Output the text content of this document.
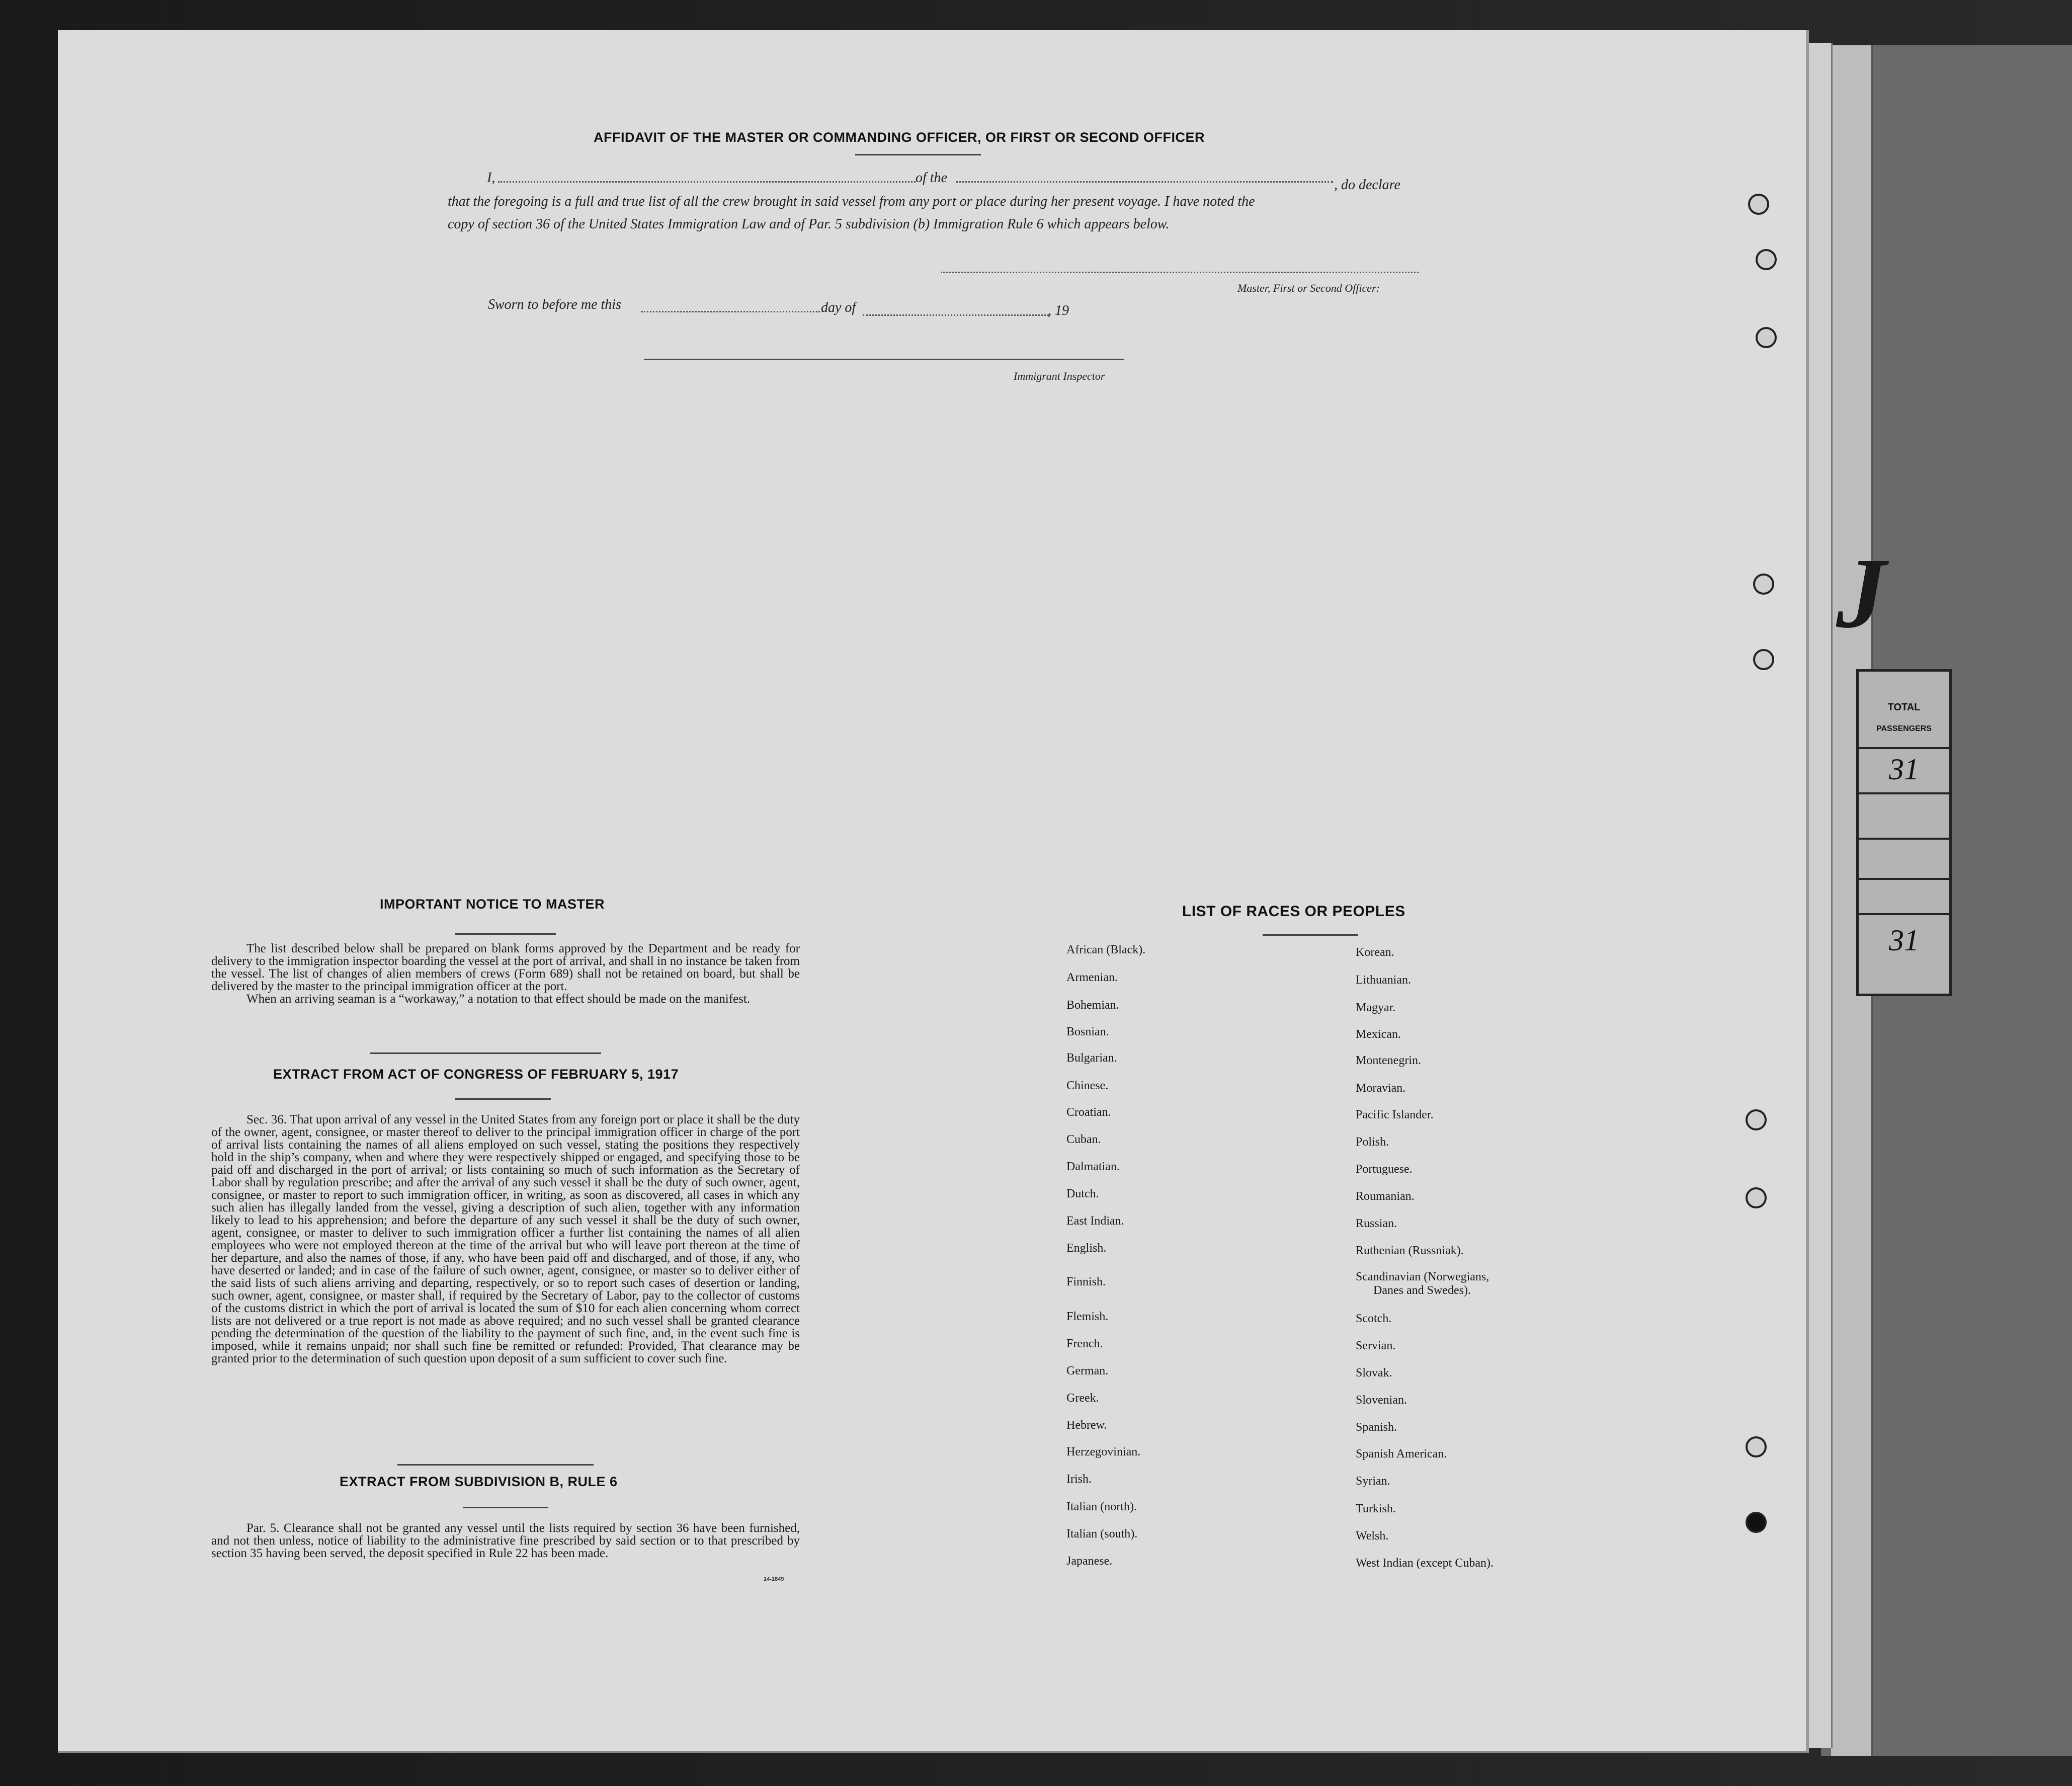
J
TOTAL
PASSENGERS
31
31
AFFIDAVIT OF THE MASTER OR COMMANDING OFFICER, OR FIRST OR SECOND OFFICER
I,	of the	, do declare
that the foregoing is a full and true list of all the crew brought in said vessel from any port or place during her present voyage. I have noted the
copy of section 36 of the United States Immigration Law and of Par. 5 subdivision (b) Immigration Rule 6 which appears below.
Master, First or Second Officer:
Sworn to before me this	day of	, 19
Immigrant Inspector
IMPORTANT NOTICE TO MASTER

The list described below shall be prepared on blank forms approved by the Department and be ready for delivery to the immigration inspector boarding the vessel at the port of arrival, and shall in no instance be taken from the vessel. The list of changes of alien members of crews (Form 689) shall not be retained on board, but shall be delivered by the master to the principal immigration officer at the port.

When an arriving seaman is a “workaway,” a notation to that effect should be made on the manifest.

EXTRACT FROM ACT OF CONGRESS OF FEBRUARY 5, 1917

Sec. 36. That upon arrival of any vessel in the United States from any foreign port or place it shall be the duty of the owner, agent, consignee, or master thereof to deliver to the principal immigration officer in charge of the port of arrival lists containing the names of all aliens employed on such vessel, stating the positions they respectively hold in the ship’s company, when and where they were respectively shipped or engaged, and specifying those to be paid off and discharged in the port of arrival; or lists containing so much of such information as the Secretary of Labor shall by regulation prescribe; and after the arrival of any such vessel it shall be the duty of such owner, agent, consignee, or master to report to such immigration officer, in writing, as soon as discovered, all cases in which any such alien has illegally landed from the vessel, giving a description of such alien, together with any information likely to lead to his apprehension; and before the departure of any such vessel it shall be the duty of such owner, agent, consignee, or master to deliver to such immigration officer a further list containing the names of all alien employees who were not employed thereon at the time of the arrival but who will leave port thereon at the time of her departure, and also the names of those, if any, who have been paid off and discharged, and of those, if any, who have deserted or landed; and in case of the failure of such owner, agent, consignee, or master so to deliver either of the said lists of such aliens arriving and departing, respectively, or so to report such cases of desertion or landing, such owner, agent, consignee, or master shall, if required by the Secretary of Labor, pay to the collector of customs of the customs district in which the port of arrival is located the sum of $10 for each alien concerning whom correct lists are not delivered or a true report is not made as above required; and no such vessel shall be granted clearance pending the determination of the question of the liability to the payment of such fine, and, in the event such fine is imposed, while it remains unpaid; nor shall such fine be remitted or refunded: Provided, That clearance may be granted prior to the determination of such question upon deposit of a sum sufficient to cover such fine.

EXTRACT FROM SUBDIVISION B, RULE 6

Par. 5. Clearance shall not be granted any vessel until the lists required by section 36 have been furnished, and not then unless, notice of liability to the administrative fine prescribed by said section or to that prescribed by section 35 having been served, the deposit specified in Rule 22 has been made.

14-1849
LIST OF RACES OR PEOPLES
African (Black).
Armenian.
Bohemian.
Bosnian.
Bulgarian.
Chinese.
Croatian.
Cuban.
Dalmatian.
Dutch.
East Indian.
English.
Finnish.
Flemish.
French.
German.
Greek.
Hebrew.
Herzegovinian.
Irish.
Italian (north).
Italian (south).
Japanese.
Korean.
Lithuanian.
Magyar.
Mexican.
Montenegrin.
Moravian.
Pacific Islander.
Polish.
Portuguese.
Roumanian.
Russian.
Ruthenian (Russniak).
Scandinavian (Norwegians,
Danes and Swedes).
Scotch.
Servian.
Slovak.
Slovenian.
Spanish.
Spanish American.
Syrian.
Turkish.
Welsh.
West Indian (except Cuban).
